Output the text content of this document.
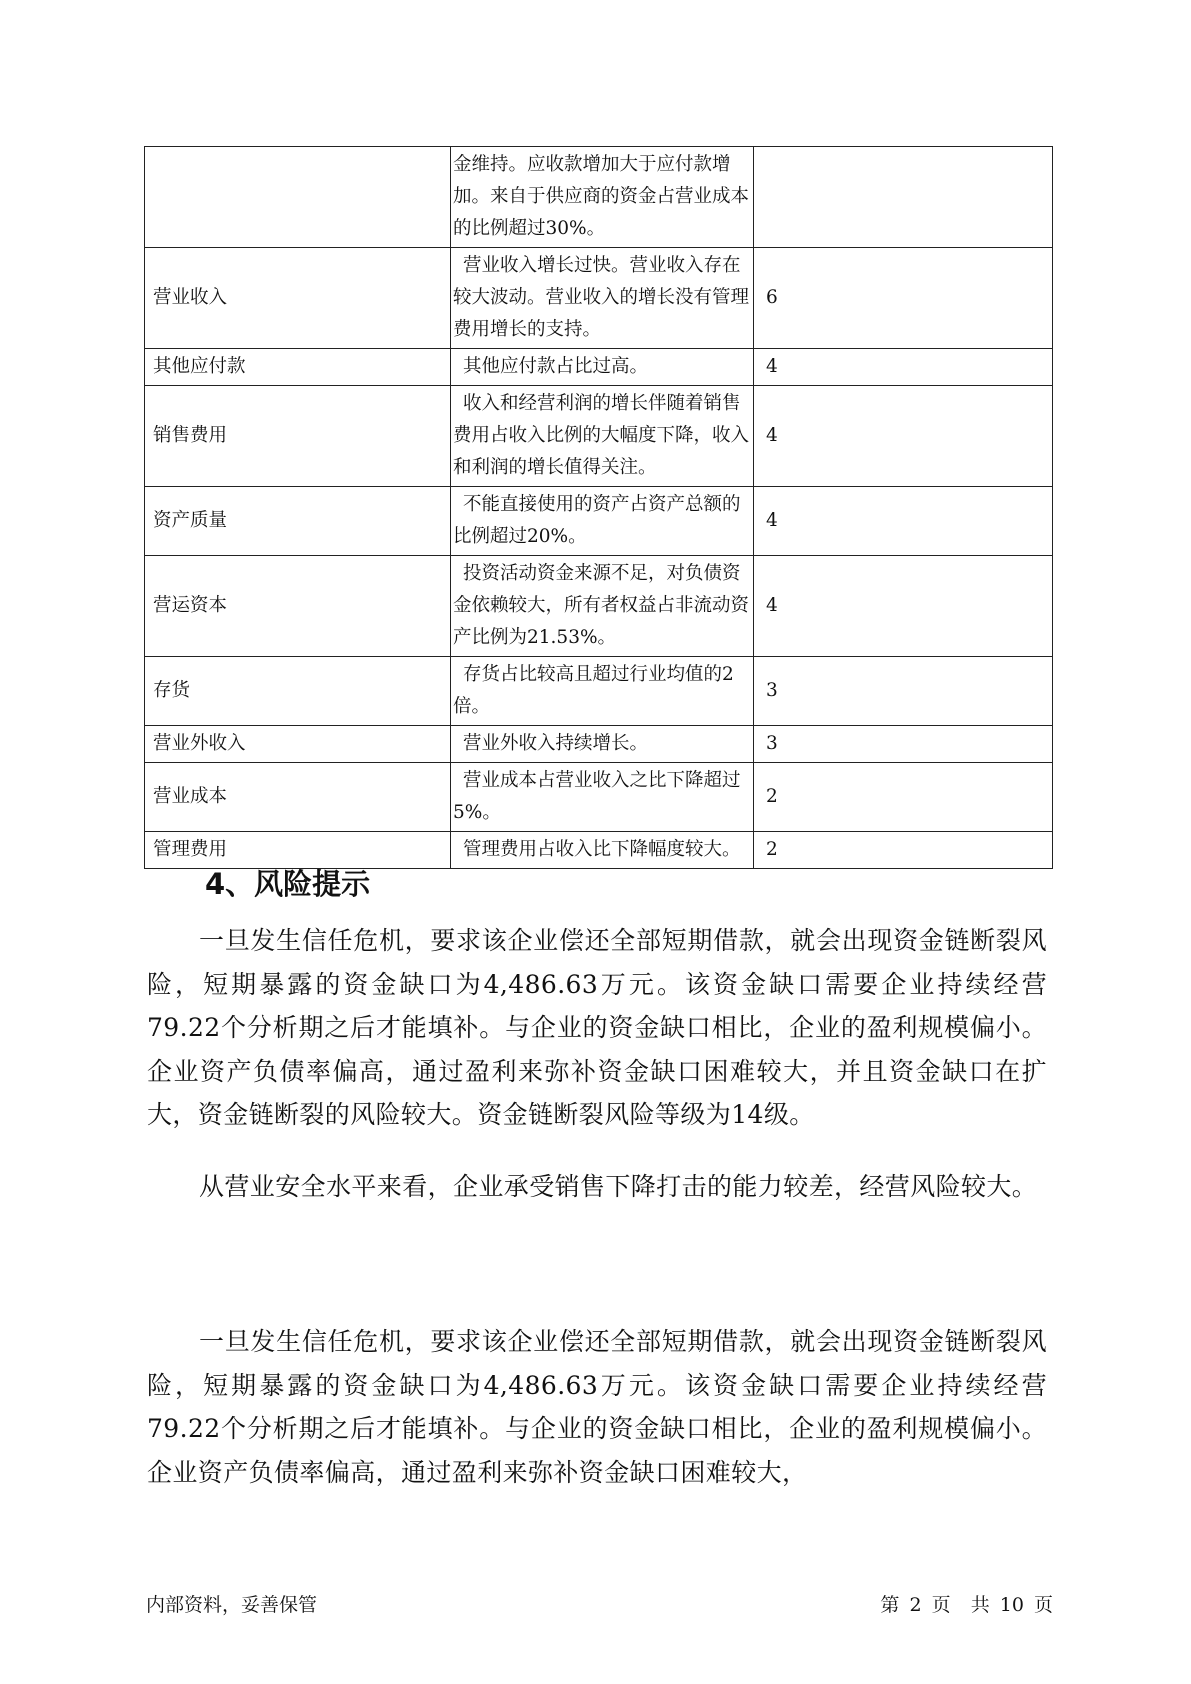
	金维持。应收款增加大于应付款增加。来自于供应商的资金占营业成本的比例超过30%。	
营业收入	营业收入增长过快。营业收入存在较大波动。营业收入的增长没有管理费用增长的支持。	6
其他应付款	其他应付款占比过高。	4
销售费用	收入和经营利润的增长伴随着销售费用占收入比例的大幅度下降，收入和利润的增长值得关注。	4
资产质量	不能直接使用的资产占资产总额的比例超过20%。	4
营运资本	投资活动资金来源不足，对负债资金依赖较大，所有者权益占非流动资产比例为21.53%。	4
存货	存货占比较高且超过行业均值的2倍。	3
营业外收入	营业外收入持续增长。	3
营业成本	营业成本占营业收入之比下降超过5%。	2
管理费用	管理费用占收入比下降幅度较大。	2
4、风险提示

一旦发生信任危机，要求该企业偿还全部短期借款，就会出现资金链断裂风险，短期暴露的资金缺口为4,486.63万元。该资金缺口需要企业持续经营 79.22个分析期之后才能填补。与企业的资金缺口相比，企业的盈利规模偏小。企业资产负债率偏高，通过盈利来弥补资金缺口困难较大，并且资金缺口在扩大，资金链断裂的风险较大。资金链断裂风险等级为14级。

从营业安全水平来看，企业承受销售下降打击的能力较差，经营风险较大。

一旦发生信任危机，要求该企业偿还全部短期借款，就会出现资金链断裂风险，短期暴露的资金缺口为4,486.63万元。该资金缺口需要企业持续经营 79.22个分析期之后才能填补。与企业的资金缺口相比，企业的盈利规模偏小。企业资产负债率偏高，通过盈利来弥补资金缺口困难较大，

内部资料，妥善保管	第 2 页 共 10 页
